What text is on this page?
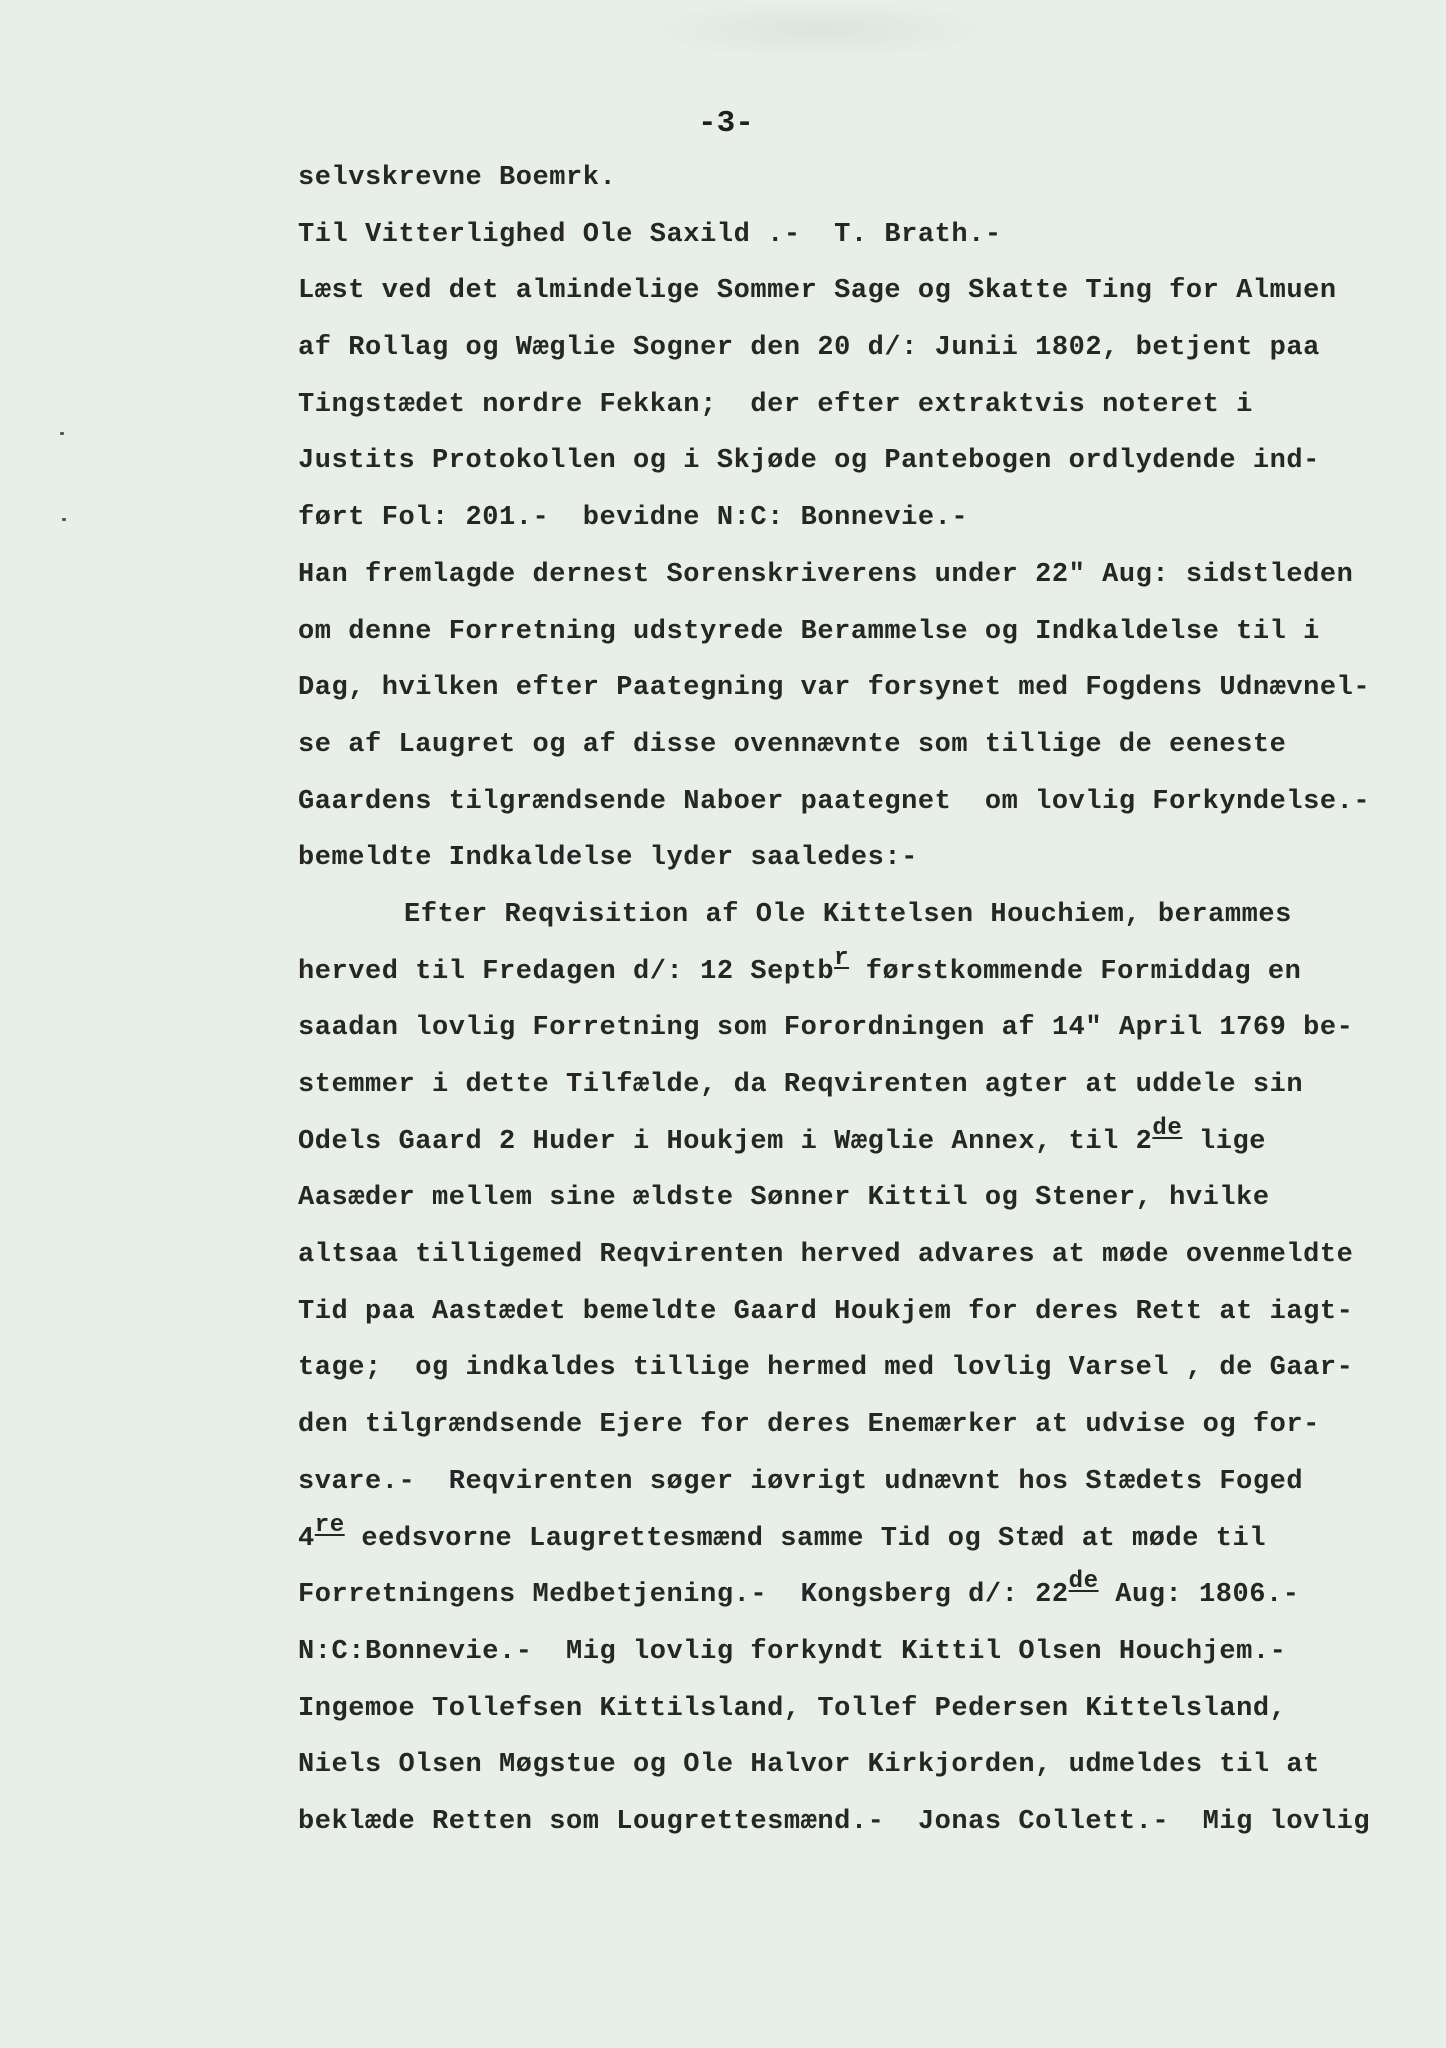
-3-
selvskrevne Boemrk.
Til Vitterlighed Ole Saxild .-  T. Brath.-
Læst ved det almindelige Sommer Sage og Skatte Ting for Almuen
af Rollag og Wæglie Sogner den 20 d/: Junii 1802, betjent paa
Tingstædet nordre Fekkan;  der efter extraktvis noteret i
Justits Protokollen og i Skjøde og Pantebogen ordlydende ind-
ført Fol: 201.-  bevidne N:C: Bonnevie.-
Han fremlagde dernest Sorenskriverens under 22" Aug: sidstleden
om denne Forretning udstyrede Berammelse og Indkaldelse til i
Dag, hvilken efter Paategning var forsynet med Fogdens Udnævnel-
se af Laugret og af disse ovennævnte som tillige de eeneste
Gaardens tilgrændsende Naboer paategnet  om lovlig Forkyndelse.-
bemeldte Indkaldelse lyder saaledes:-
Efter Reqvisition af Ole Kittelsen Houchiem, berammes
herved til Fredagen d/: 12 Septbr førstkommende Formiddag en
saadan lovlig Forretning som Forordningen af 14" April 1769 be-
stemmer i dette Tilfælde, da Reqvirenten agter at uddele sin
Odels Gaard 2 Huder i Houkjem i Wæglie Annex, til 2de lige
Aasæder mellem sine ældste Sønner Kittil og Stener, hvilke
altsaa tilligemed Reqvirenten herved advares at møde ovenmeldte
Tid paa Aastædet bemeldte Gaard Houkjem for deres Rett at iagt-
tage;  og indkaldes tillige hermed med lovlig Varsel , de Gaar-
den tilgrændsende Ejere for deres Enemærker at udvise og for-
svare.-  Reqvirenten søger iøvrigt udnævnt hos Stædets Foged
4re eedsvorne Laugrettesmænd samme Tid og Stæd at møde til
Forretningens Medbetjening.-  Kongsberg d/: 22de Aug: 1806.-
N:C:Bonnevie.-  Mig lovlig forkyndt Kittil Olsen Houchjem.-
Ingemoe Tollefsen Kittilsland, Tollef Pedersen Kittelsland,
Niels Olsen Møgstue og Ole Halvor Kirkjorden, udmeldes til at
beklæde Retten som Lougrettesmænd.-  Jonas Collett.-  Mig lovlig
